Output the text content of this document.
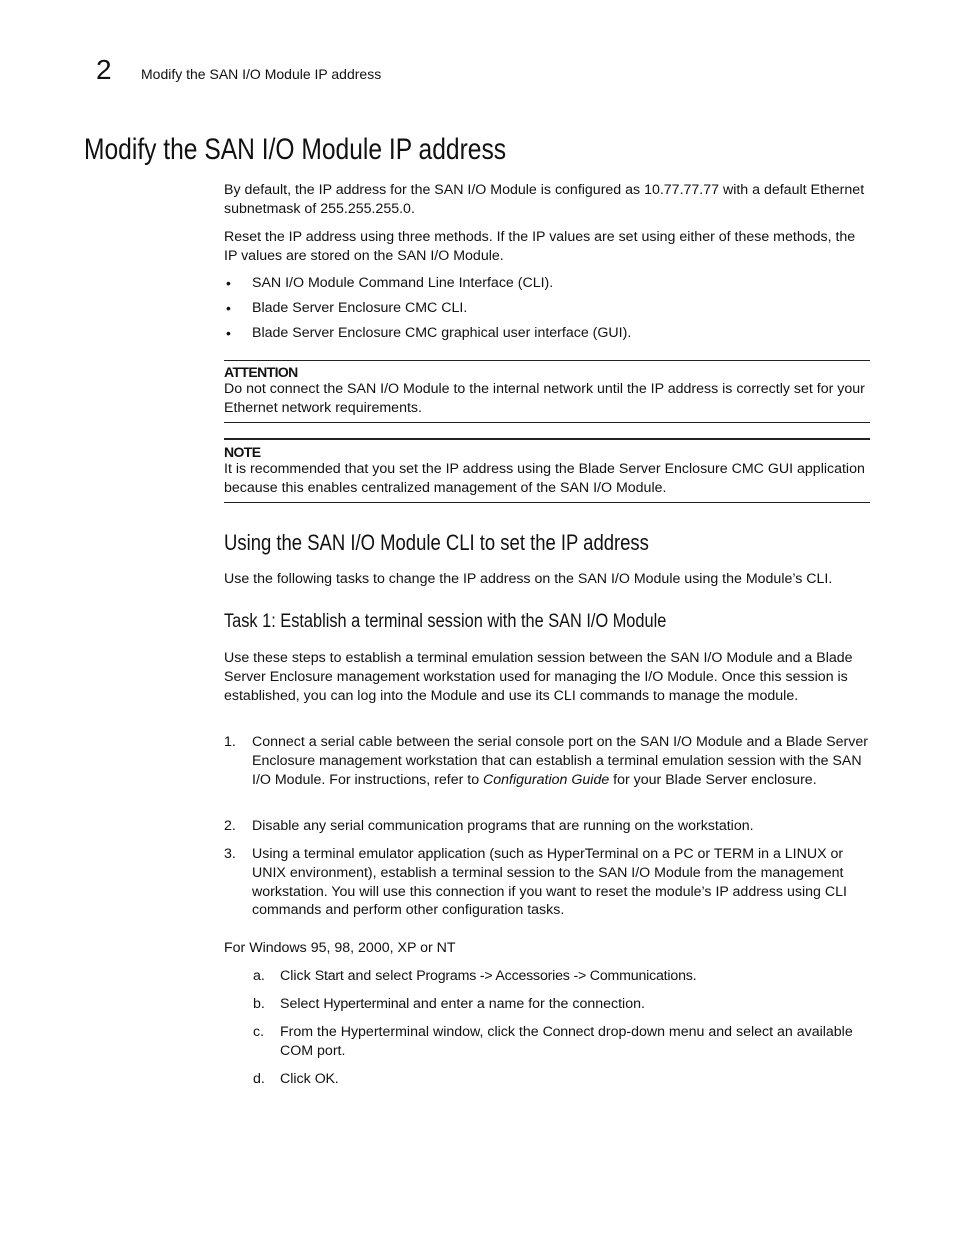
2 Modify the SAN I/O Module IP address
Modify the SAN I/O Module IP address
By default, the IP address for the SAN I/O Module is configured as 10.77.77.77 with a default Ethernet subnetmask of 255.255.255.0.
Reset the IP address using three methods. If the IP values are set using either of these methods, the IP values are stored on the SAN I/O Module.
• SAN I/O Module Command Line Interface (CLI).
• Blade Server Enclosure CMC CLI.
• Blade Server Enclosure CMC graphical user interface (GUI).
ATTENTION
Do not connect the SAN I/O Module to the internal network until the IP address is correctly set for your Ethernet network requirements.
NOTE
It is recommended that you set the IP address using the Blade Server Enclosure CMC GUI application because this enables centralized management of the SAN I/O Module.
Using the SAN I/O Module CLI to set the IP address
Use the following tasks to change the IP address on the SAN I/O Module using the Module’s CLI.
Task 1: Establish a terminal session with the SAN I/O Module
Use these steps to establish a terminal emulation session between the SAN I/O Module and a Blade Server Enclosure management workstation used for managing the I/O Module. Once this session is established, you can log into the Module and use its CLI commands to manage the module.
1. Connect a serial cable between the serial console port on the SAN I/O Module and a Blade Server Enclosure management workstation that can establish a terminal emulation session with the SAN I/O Module. For instructions, refer to Configuration Guide for your Blade Server enclosure.
2. Disable any serial communication programs that are running on the workstation.
3. Using a terminal emulator application (such as HyperTerminal on a PC or TERM in a LINUX or UNIX environment), establish a terminal session to the SAN I/O Module from the management workstation. You will use this connection if you want to reset the module’s IP address using CLI commands and perform other configuration tasks.
For Windows 95, 98, 2000, XP or NT
a. Click Start and select Programs -> Accessories -> Communications.
b. Select Hyperterminal and enter a name for the connection.
c. From the Hyperterminal window, click the Connect drop-down menu and select an available COM port.
d. Click OK.
